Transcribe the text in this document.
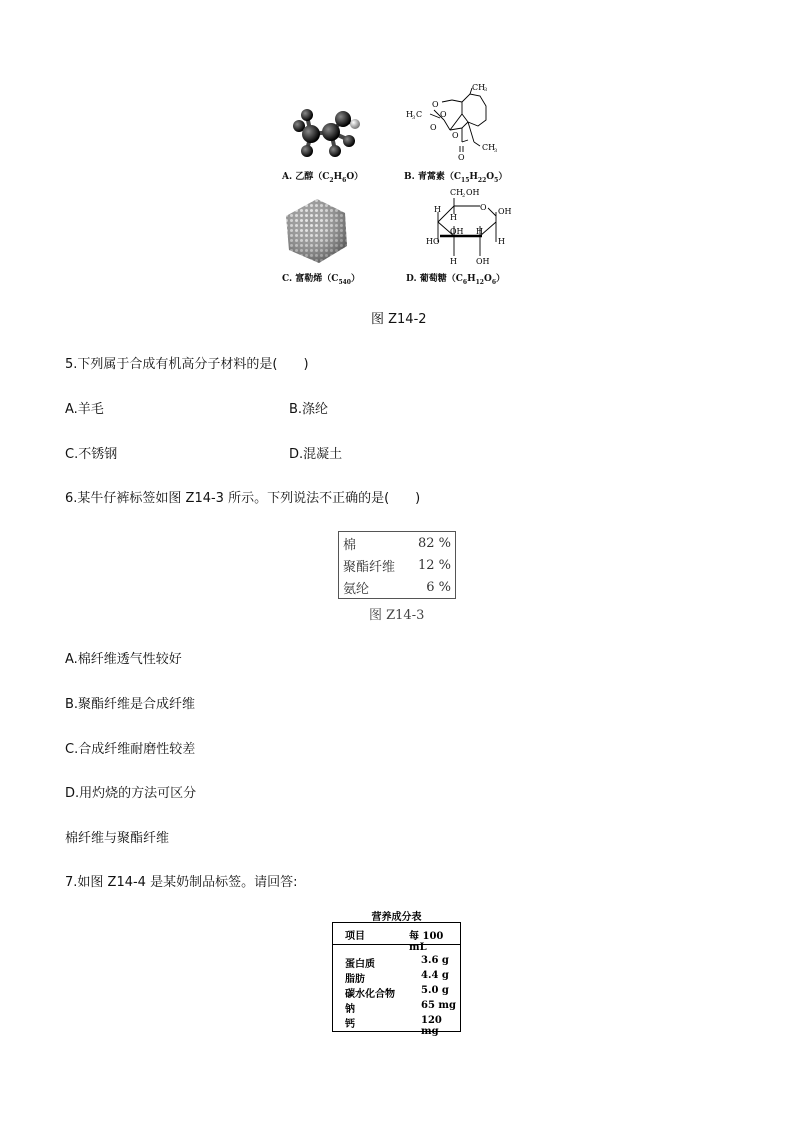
A. 乙醇$(C_2H_6O)$
CH
3
H 3 C
O
O
O
O
O
CH
3
B. 青蒿素$(C_{15}H_{22}O_5)$
C. 富勒烯$(C_{540})$
CH
2 OH
H
H
O OH
OH
H
HO
H
H OH
D. 葡萄糖$(C_6H_{12}O_6)$
图 Z14-2
5.下列属于合成有机高分子材料的是(　　)
A.羊毛	B.涤纶
C.不锈钢	D.混凝土
6.某牛仔裤标签如图 Z14-3 所示。下列说法不正确的是(　　)
棉	82 %
聚酯纤维	12 %
氨纶	6 %
图 Z14-3
A.棉纤维透气性较好
B.聚酯纤维是合成纤维
C.合成纤维耐磨性较差
D.用灼烧的方法可区分
棉纤维与聚酯纤维
7.如图 Z14-4 是某奶制品标签。请回答:
营养成分表
项目	每 100 mL
蛋白质	3.6 g
脂肪	4.4 g
碳水化合物	5.0 g
钠	65 mg
钙	120 mg
